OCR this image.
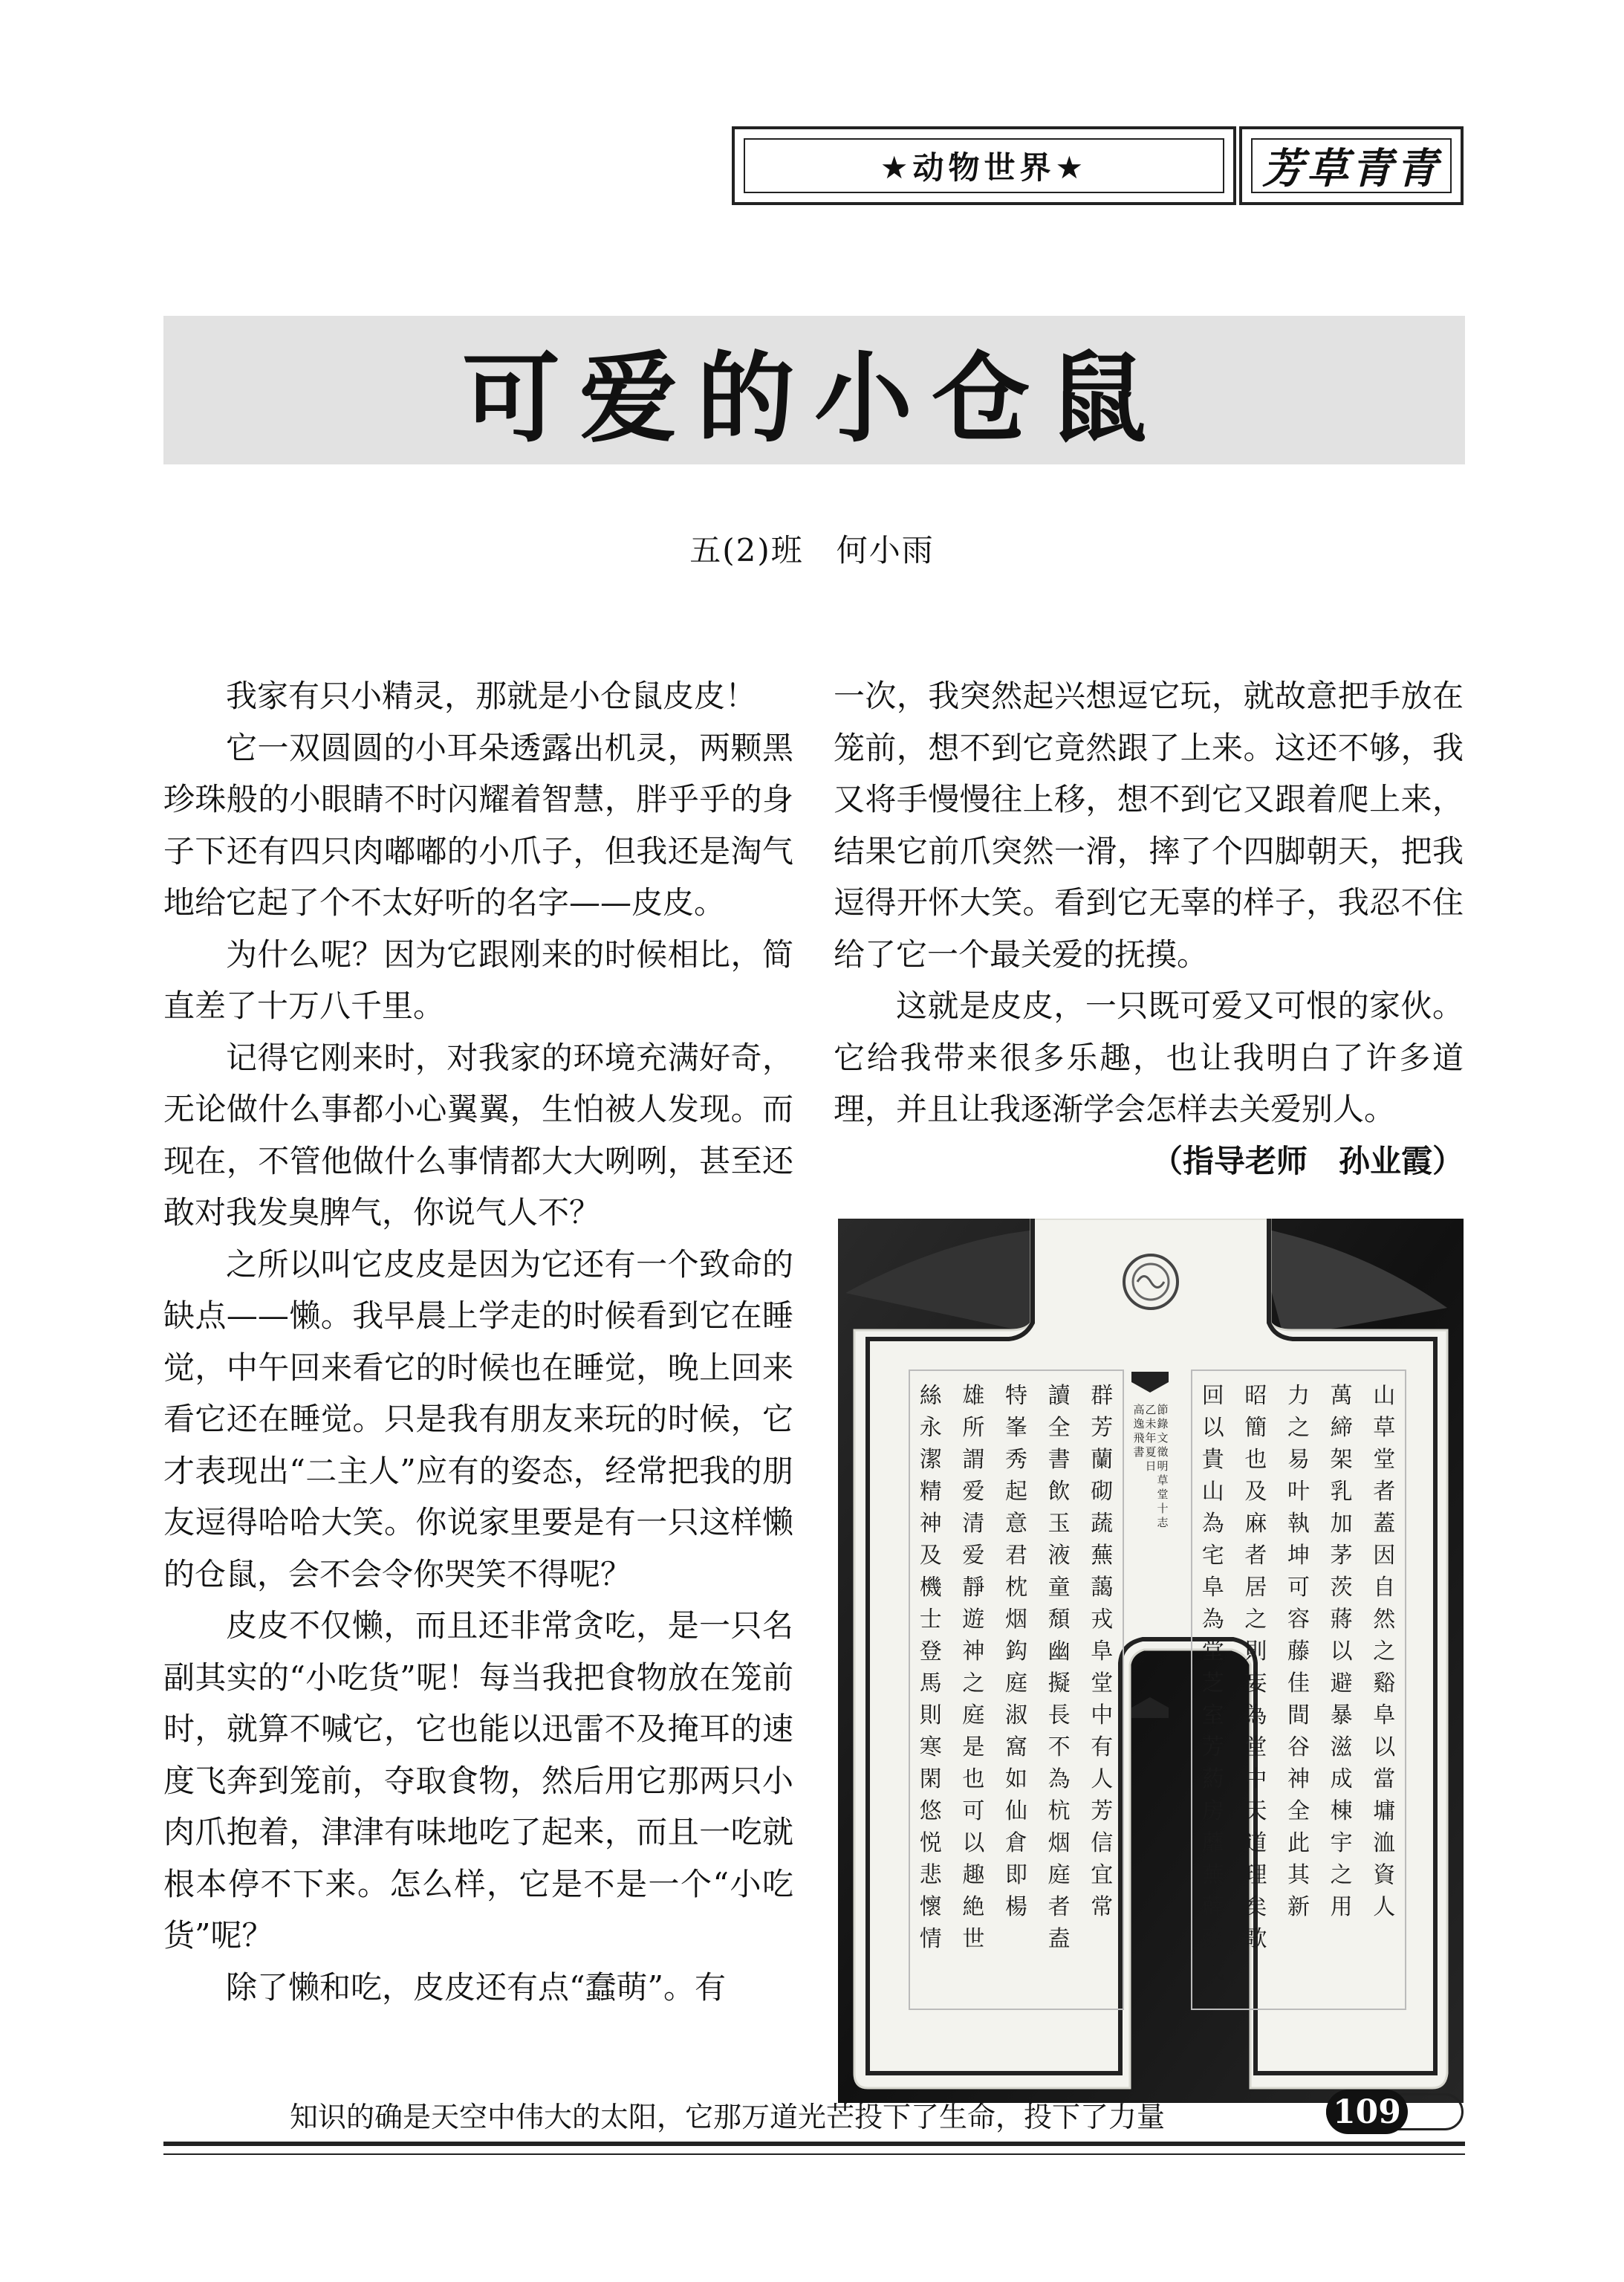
★动物世界★	芳草青青
可爱的小仓鼠
五(2)班　何小雨

我家有只小精灵，那就是小仓鼠皮皮！

它一双圆圆的小耳朵透露出机灵，两颗黑珍珠般的小眼睛不时闪耀着智慧，胖乎乎的身子下还有四只肉嘟嘟的小爪子，但我还是淘气地给它起了个不太好听的名字——皮皮。

为什么呢？因为它跟刚来的时候相比，简直差了十万八千里。

记得它刚来时，对我家的环境充满好奇，无论做什么事都小心翼翼，生怕被人发现。而现在，不管他做什么事情都大大咧咧，甚至还敢对我发臭脾气，你说气人不？

之所以叫它皮皮是因为它还有一个致命的缺点——懒。我早晨上学走的时候看到它在睡觉，中午回来看它的时候也在睡觉，晚上回来看它还在睡觉。只是我有朋友来玩的时候，它才表现出“二主人”应有的姿态，经常把我的朋友逗得哈哈大笑。你说家里要是有一只这样懒的仓鼠，会不会令你哭笑不得呢？

皮皮不仅懒，而且还非常贪吃，是一只名副其实的“小吃货”呢！每当我把食物放在笼前时，就算不喊它，它也能以迅雷不及掩耳的速度飞奔到笼前，夺取食物，然后用它那两只小肉爪抱着，津津有味地吃了起来，而且一吃就根本停不下来。怎么样，它是不是一个“小吃货”呢？

除了懒和吃，皮皮还有点“蠢萌”。有

一次，我突然起兴想逗它玩，就故意把手放在笼前，想不到它竟然跟了上来。这还不够，我又将手慢慢往上移，想不到它又跟着爬上来，结果它前爪突然一滑，摔了个四脚朝天，把我逗得开怀大笑。看到它无辜的样子，我忍不住给了它一个最关爱的抚摸。

这就是皮皮，一只既可爱又可恨的家伙。它给我带来很多乐趣，也让我明白了许多道理，并且让我逐渐学会怎样去关爱别人。

（指导老师　孙业霞）

絲
永
潔
精
神
及
機
士
登
馬
則
寒
閑
悠
悦
悲
懷
情
雄
所
謂
爱
清
爱
靜
遊
神
之
庭
是
也
可
以
趣
絶
世
特
峯
秀
起
意
君
枕
烟
鈎
庭
淑
窩
如
仙
倉
即
楊
讀
全
書
飲
玉
液
童
頹
幽
擬
長
不
為
杭
烟
庭
者
盍
群
芳
蘭
砌
蔬
蕪
藹
戎
阜
堂
中
有
人
芳
信
宜
常
回
以
貴
山
為
宅
阜
為
堂
芝
室
芳
葯
房
蘼
蕪
薜
荔
戎
昭
簡
也
及
麻
者
居
之
則
妄
為
堂
中
天
道
理
矣
歌
力
之
易
叶
執
坤
可
容
藤
佳
間
谷
神
全
此
其
新
萬
締
架
乳
加
茅
茨
蔣
以
避
暴
滋
成
棟
宇
之
用
山
草
堂
者
蓋
因
自
然
之
谿
阜
以
當
墉
洫
資
人
節
錄
文
徵
明
草
堂
十
志
乙
未
年
夏
日
高
逸
飛
書
知识的确是天空中伟大的太阳，它那万道光芒投下了生命，投下了力量	109
